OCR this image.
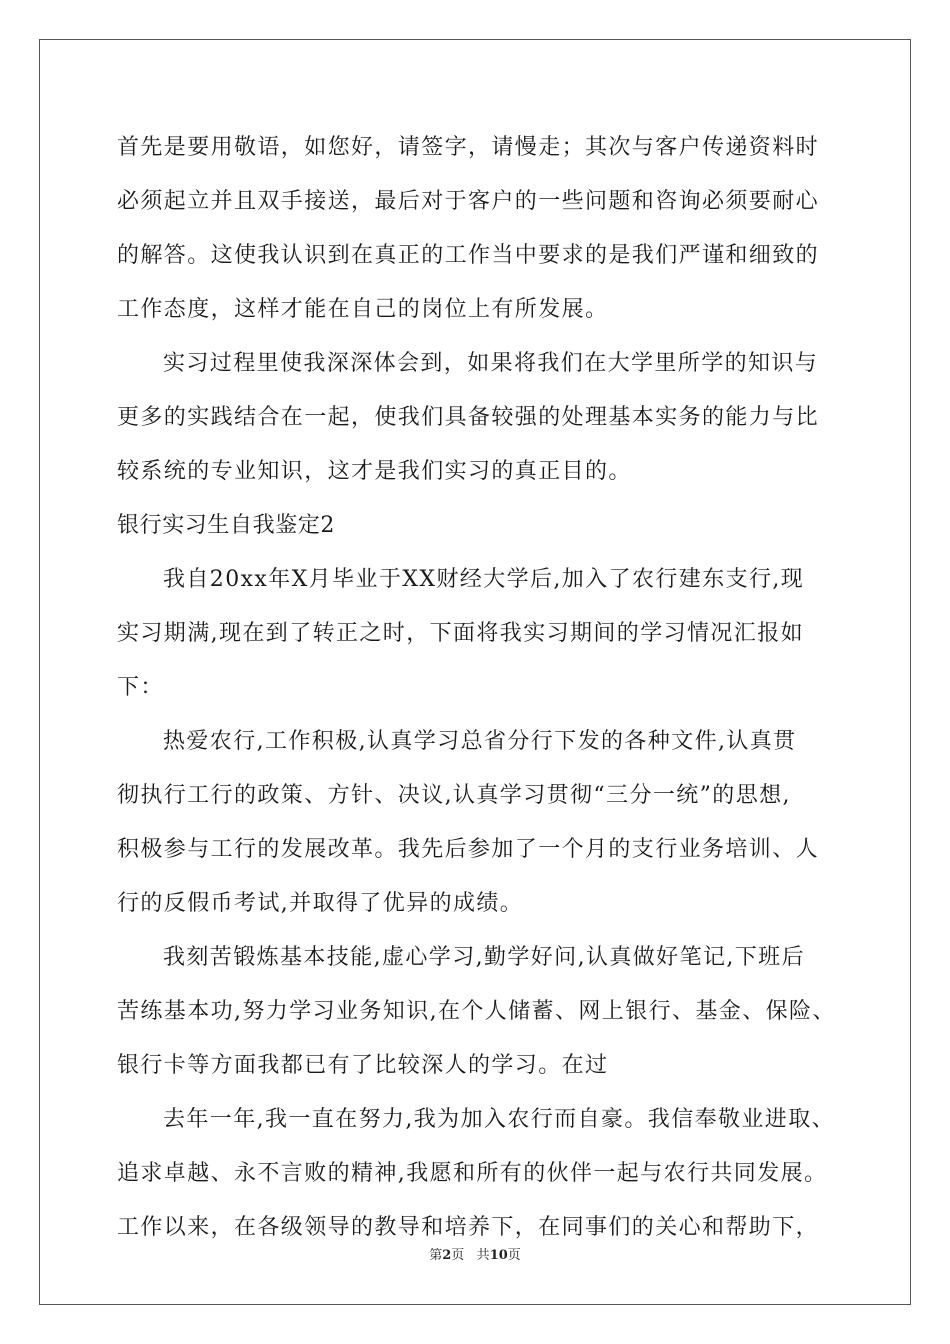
首先是要用敬语，如您好，请签字，请慢走；其次与客户传递资料时
必须起立并且双手接送，最后对于客户的一些问题和咨询必须要耐心
的解答。这使我认识到在真正的工作当中要求的是我们严谨和细致的
工作态度，这样才能在自己的岗位上有所发展。
实习过程里使我深深体会到，如果将我们在大学里所学的知识与
更多的实践结合在一起，使我们具备较强的处理基本实务的能力与比
较系统的专业知识，这才是我们实习的真正目的。
银行实习生自我鉴定2
我自20xx年X月毕业于XX财经大学后,加入了农行建东支行,现
实习期满,现在到了转正之时，下面将我实习期间的学习情况汇报如
下：
热爱农行,工作积极,认真学习总省分行下发的各种文件,认真贯
彻执行工行的政策、方针、决议,认真学习贯彻“三分一统”的思想,
积极参与工行的发展改革。我先后参加了一个月的支行业务培训、人
行的反假币考试,并取得了优异的成绩。
我刻苦锻炼基本技能,虚心学习,勤学好问,认真做好笔记,下班后
苦练基本功,努力学习业务知识,在个人储蓄、网上银行、基金、保险、
银行卡等方面我都已有了比较深人的学习。在过
去年一年,我一直在努力,我为加入农行而自豪。我信奉敬业进取、
追求卓越、永不言败的精神,我愿和所有的伙伴一起与农行共同发展。
工作以来，在各级领导的教导和培养下，在同事们的关心和帮助下，
第2页 共10页
